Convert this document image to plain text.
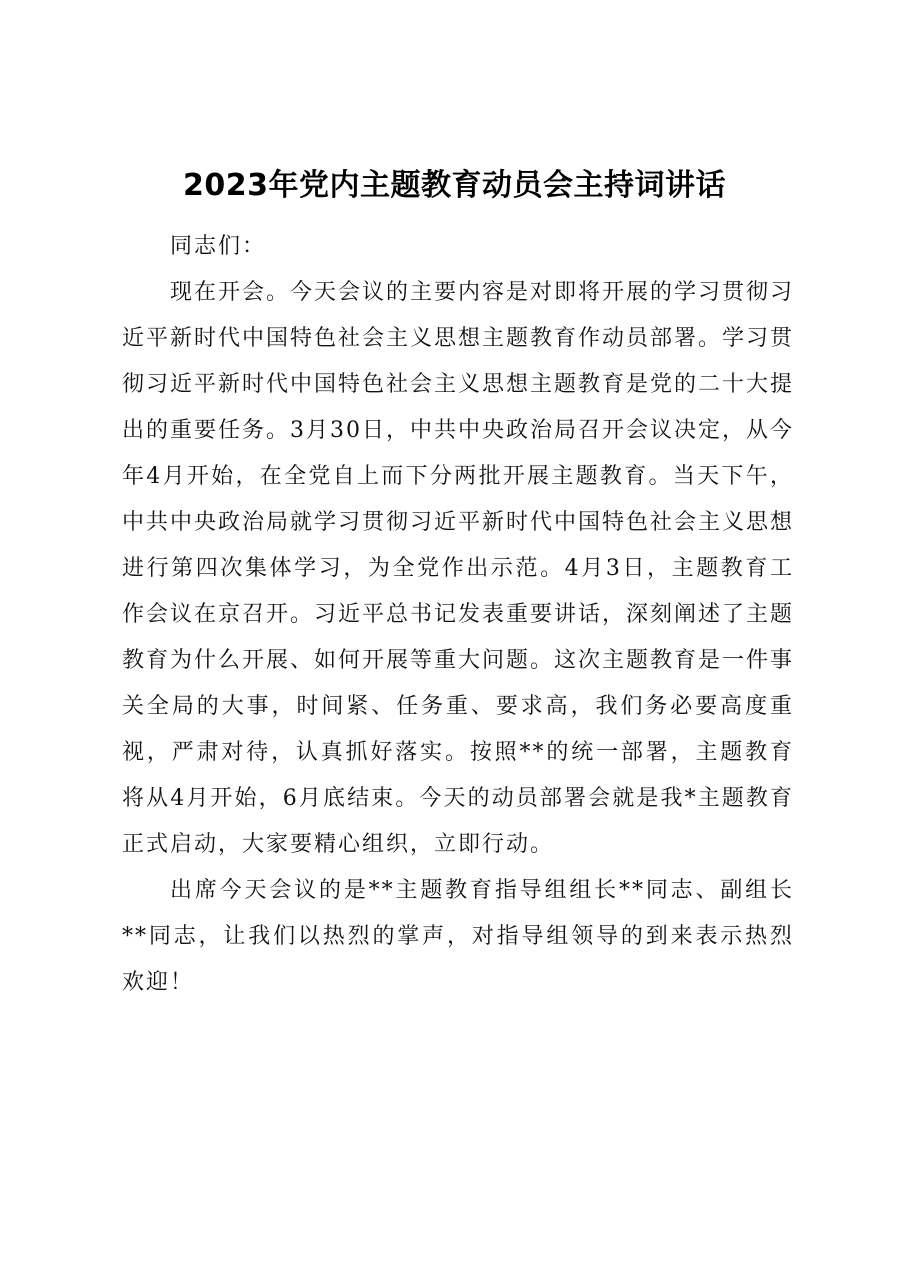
2023年党内主题教育动员会主持词讲话

同志们：

现在开会。今天会议的主要内容是对即将开展的学习贯彻习近平新时代中国特色社会主义思想主题教育作动员部署。学习贯彻习近平新时代中国特色社会主义思想主题教育是党的二十大提出的重要任务。3月30日，中共中央政治局召开会议决定，从今年4月开始，在全党自上而下分两批开展主题教育。当天下午，中共中央政治局就学习贯彻习近平新时代中国特色社会主义思想进行第四次集体学习，为全党作出示范。4月3日，主题教育工作会议在京召开。习近平总书记发表重要讲话，深刻阐述了主题教育为什么开展、如何开展等重大问题。这次主题教育是一件事关全局的大事，时间紧、任务重、要求高，我们务必要高度重视，严肃对待，认真抓好落实。按照**的统一部署，主题教育将从4月开始，6月底结束。今天的动员部署会就是我*主题教育正式启动，大家要精心组织，立即行动。

出席今天会议的是**主题教育指导组组长**同志、副组长**同志，让我们以热烈的掌声，对指导组领导的到来表示热烈欢迎！
